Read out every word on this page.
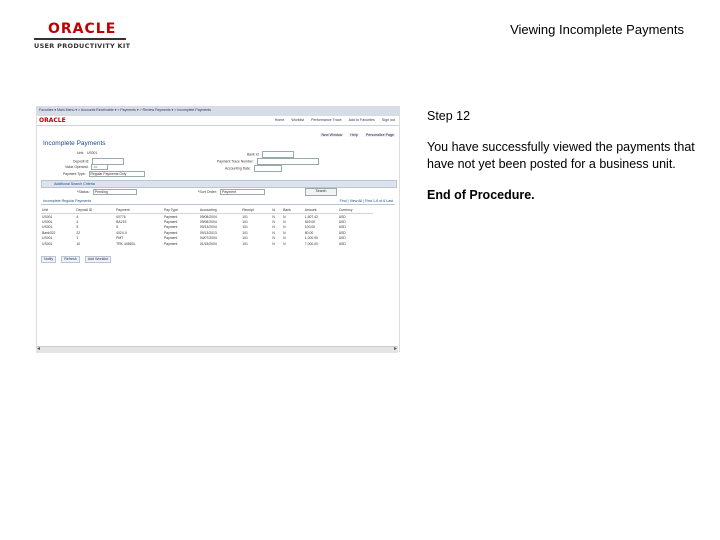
ORACLE
USER PRODUCTIVITY KIT
Viewing Incomplete Payments

Step 12

You have successfully viewed the payments that have not yet been posted for a business unit.

End of Procedure.

Favorites ▾ Main Menu ▾ > Accounts Receivable ▾ > Payments ▾ > Review Payments ▾ > Incomplete Payments
ORACLE	Home Worklist Performance Trace Add to Favorites Sign out
New Window Help Personalize Page
Incomplete Payments
Unit: US001
Deposit Id:
Value Operand: <=
Payment Type: Regular Payments Only
Bank Id:
Payment Trace Number:
Accounting Date:
Additional Search Criteria
*Status: Pending	*Sort Order: Payment	Search
Incomplete Regular Payments	Find | View All | First 1-6 of 6 Last
Unit	Deposit ID	Payment	Pay Type	Accounting	Receipt	Id	Bank	Amount	Currency
US001	4	00776	Payment	09/08/2004	101	N	N	1,507.42	USD
US001	4	BA219	Payment	09/08/2004	101	N	N	549.00	USD
US001	5	5	Payment	09/13/2004	101	N	N	100.00	USD
Bank022	22	4024-X	Payment	09/13/2013	101	N	N	80.00	USD
US001	1	PMT	Payment	04/07/2004	101	N	N	1,200.00	USD
US001	10	TRK 4456SL	Payment	01/15/2004	101	N	N	7,000.00	USD
Notify	Refresh	Add Worklist
◂	▸
